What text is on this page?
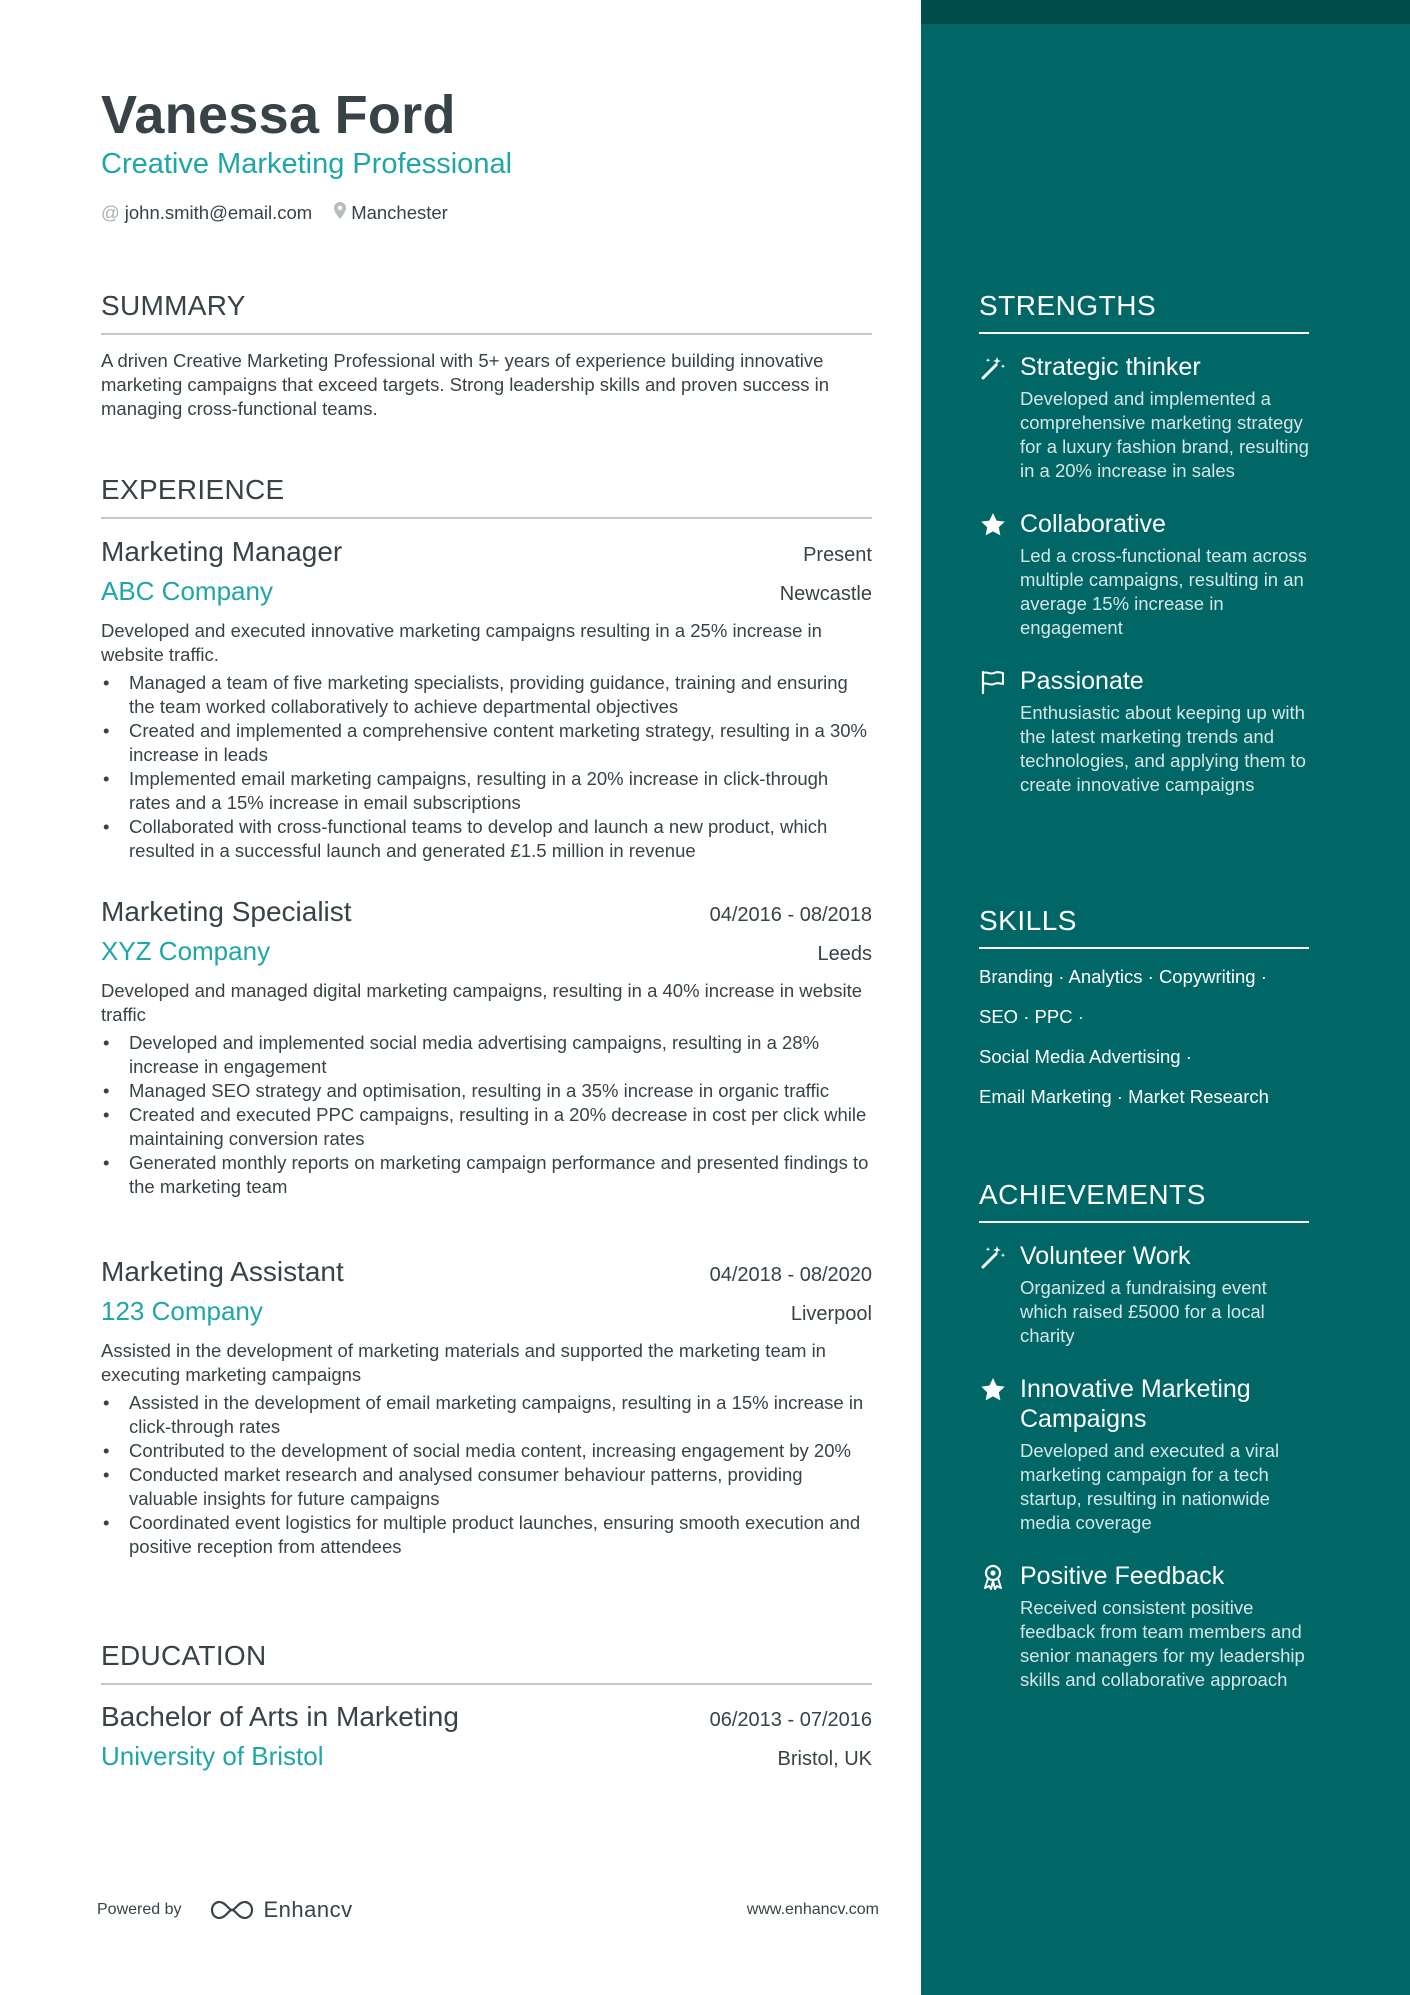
Vanessa Ford
Creative Marketing Professional
@ john.smith@email.com Manchester
SUMMARY
A driven Creative Marketing Professional with 5+ years of experience building innovative marketing campaigns that exceed targets. Strong leadership skills and proven success in managing cross-functional teams.
EXPERIENCE
Marketing Manager	Present
ABC Company	Newcastle
Developed and executed innovative marketing campaigns resulting in a 25% increase in website traffic.
• Managed a team of five marketing specialists, providing guidance, training and ensuring the team worked collaboratively to achieve departmental objectives
• Created and implemented a comprehensive content marketing strategy, resulting in a 30% increase in leads
• Implemented email marketing campaigns, resulting in a 20% increase in click-through rates and a 15% increase in email subscriptions
• Collaborated with cross-functional teams to develop and launch a new product, which resulted in a successful launch and generated £1.5 million in revenue
Marketing Specialist	04/2016 - 08/2018
XYZ Company	Leeds
Developed and managed digital marketing campaigns, resulting in a 40% increase in website traffic
• Developed and implemented social media advertising campaigns, resulting in a 28% increase in engagement
• Managed SEO strategy and optimisation, resulting in a 35% increase in organic traffic
• Created and executed PPC campaigns, resulting in a 20% decrease in cost per click while maintaining conversion rates
• Generated monthly reports on marketing campaign performance and presented findings to the marketing team
Marketing Assistant	04/2018 - 08/2020
123 Company	Liverpool
Assisted in the development of marketing materials and supported the marketing team in executing marketing campaigns
• Assisted in the development of email marketing campaigns, resulting in a 15% increase in click-through rates
• Contributed to the development of social media content, increasing engagement by 20%
• Conducted market research and analysed consumer behaviour patterns, providing valuable insights for future campaigns
• Coordinated event logistics for multiple product launches, ensuring smooth execution and positive reception from attendees
EDUCATION
Bachelor of Arts in Marketing	06/2013 - 07/2016
University of Bristol	Bristol, UK
Powered by	Enhancv	www.enhancv.com
STRENGTHS
Strategic thinker
Developed and implemented a comprehensive marketing strategy for a luxury fashion brand, resulting in a 20% increase in sales
Collaborative
Led a cross-functional team across multiple campaigns, resulting in an average 15% increase in engagement
Passionate
Enthusiastic about keeping up with the latest marketing trends and technologies, and applying them to create innovative campaigns
SKILLS
Branding · Analytics · Copywriting ·
SEO · PPC ·
Social Media Advertising ·
Email Marketing · Market Research
ACHIEVEMENTS
Volunteer Work
Organized a fundraising event which raised £5000 for a local charity
Innovative Marketing Campaigns
Developed and executed a viral marketing campaign for a tech startup, resulting in nationwide media coverage
Positive Feedback
Received consistent positive feedback from team members and senior managers for my leadership skills and collaborative approach
